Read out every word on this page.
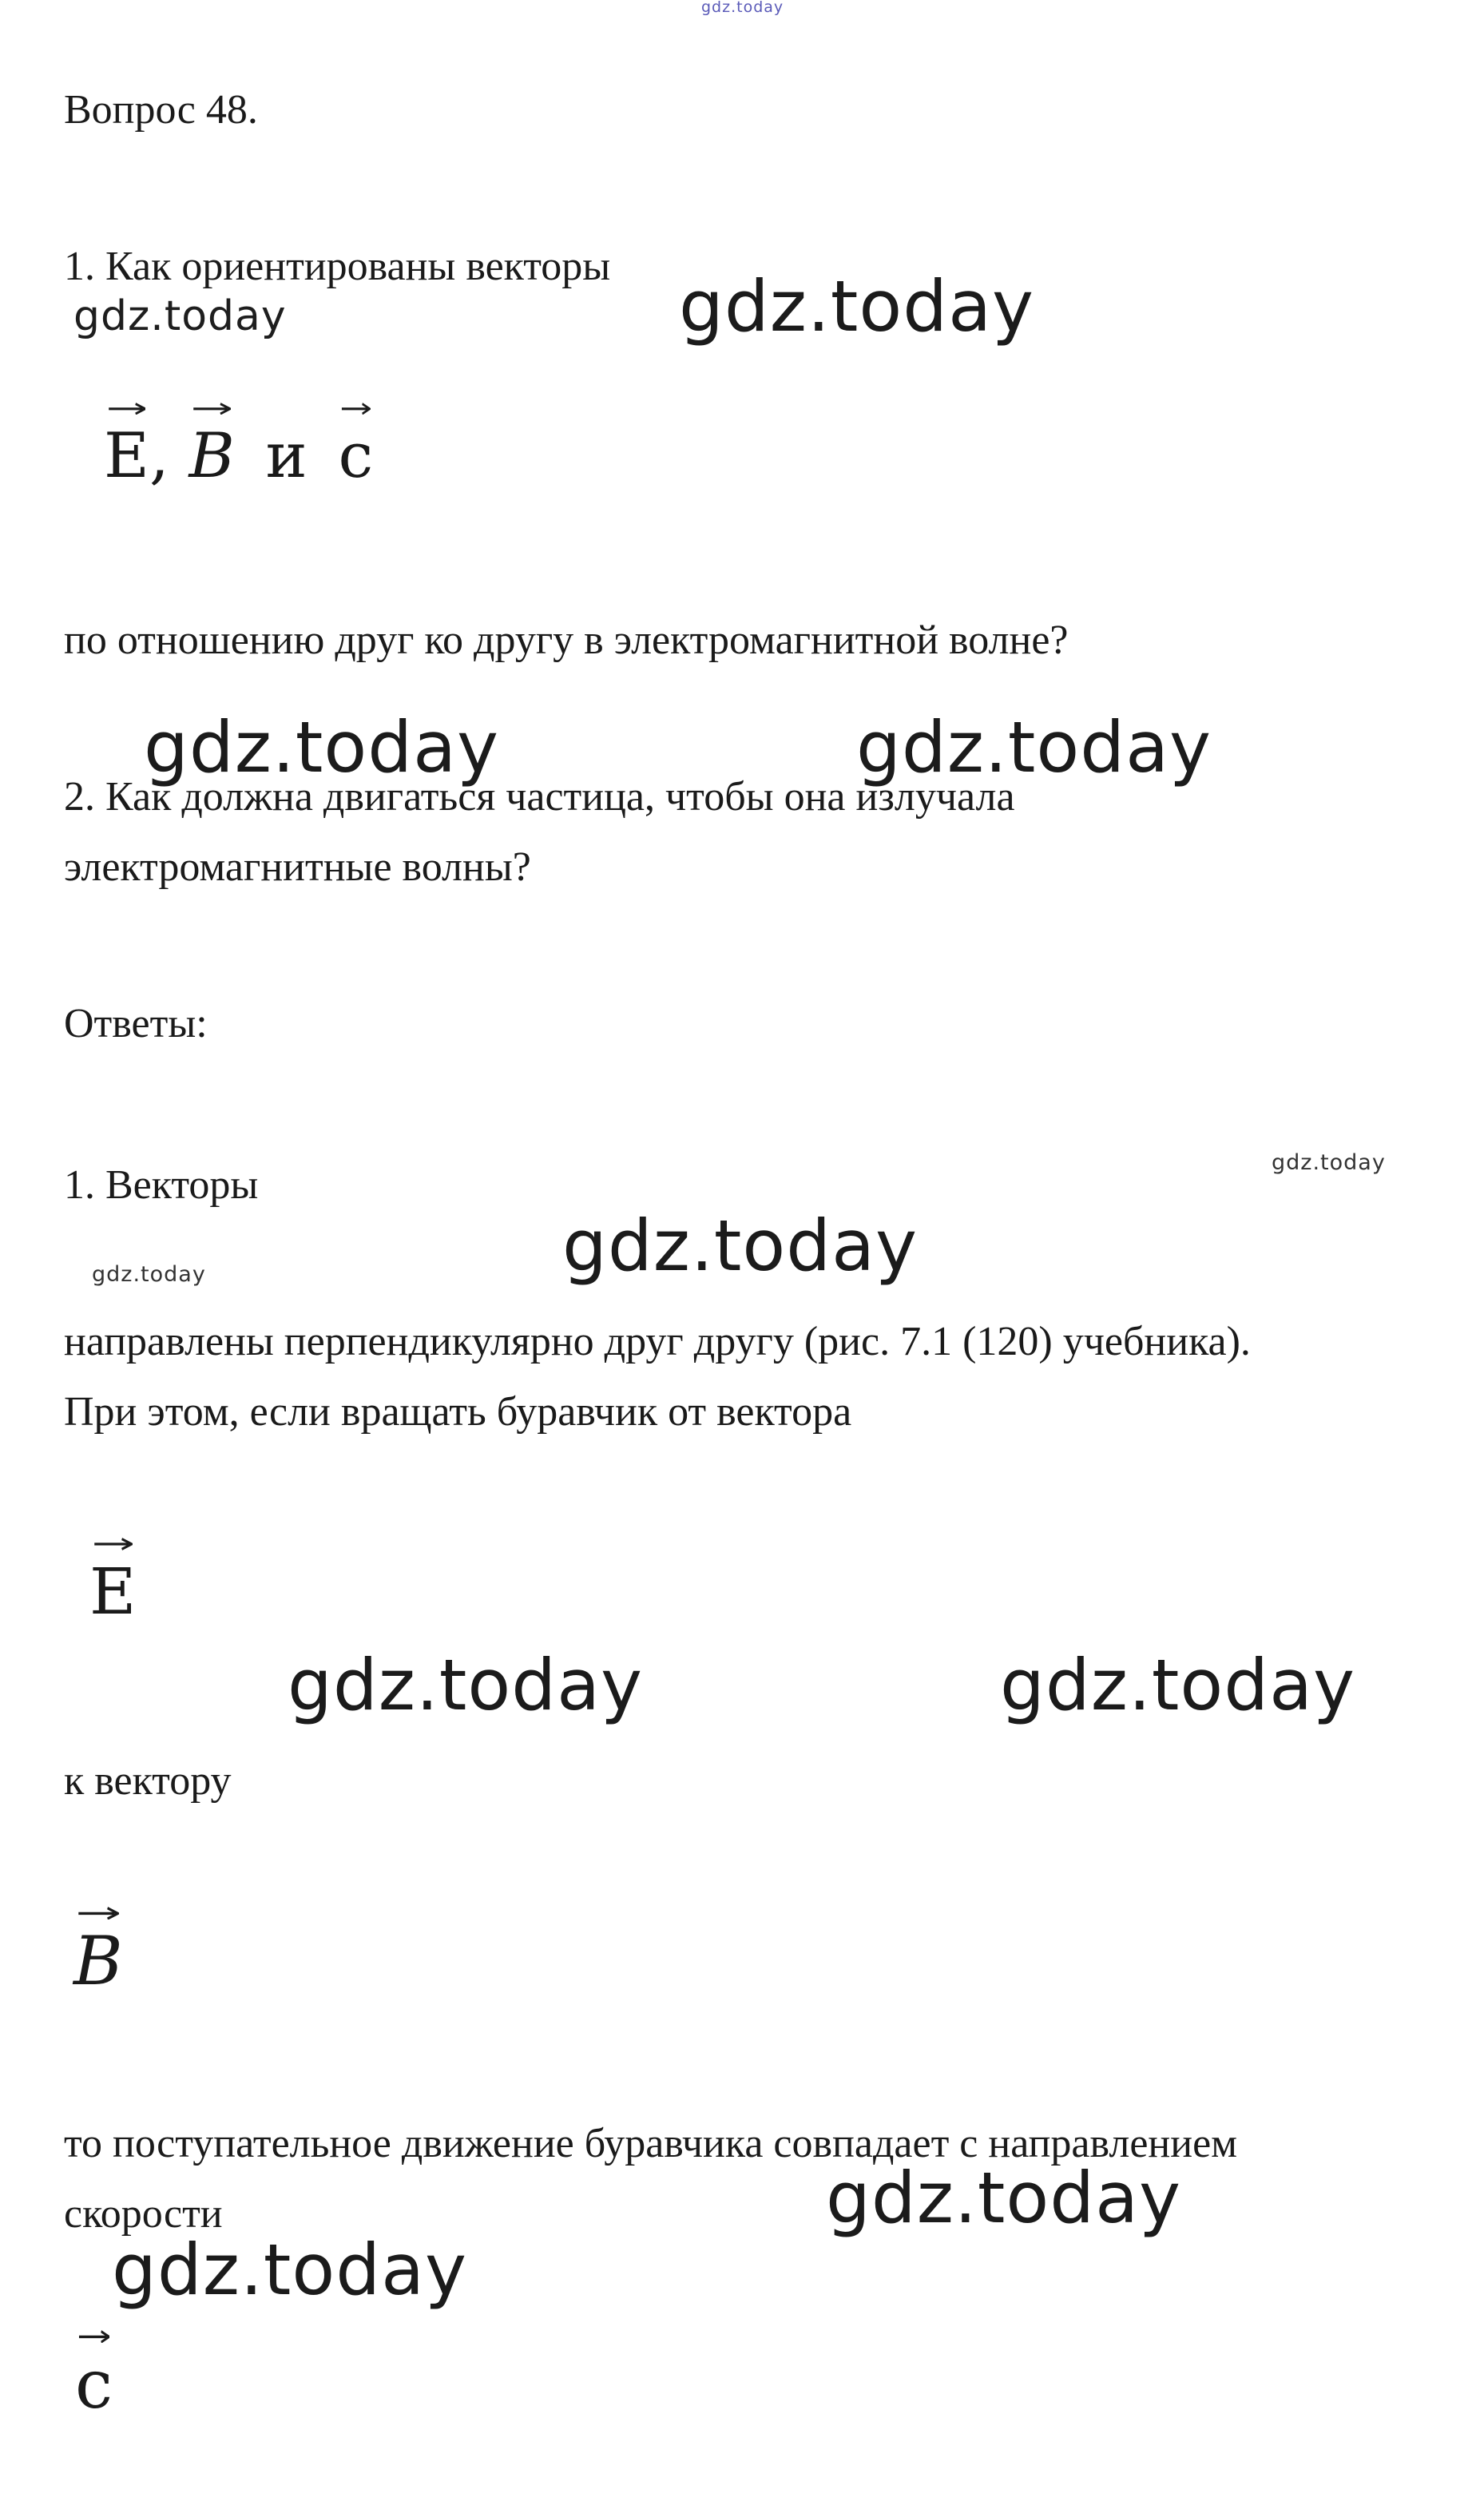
gdz.today
gdz.today	gdz.today
gdz.today	gdz.today
gdz.today
gdz.today
gdz.today
gdz.today	gdz.today
gdz.today
gdz.today

Вопрос 48.

1. Как ориентированы векторы

E, B и c

по отношению друг ко другу в электромагнитной волне?

2. Как должна двигаться частица, чтобы она излучала

электромагнитные волны?

Ответы:

1. Векторы

направлены перпендикулярно друг другу (рис. 7.1 (120) учебника).

При этом, если вращать буравчик от вектора

E

к вектору

B

то поступательное движение буравчика совпадает с направлением

скорости

c
